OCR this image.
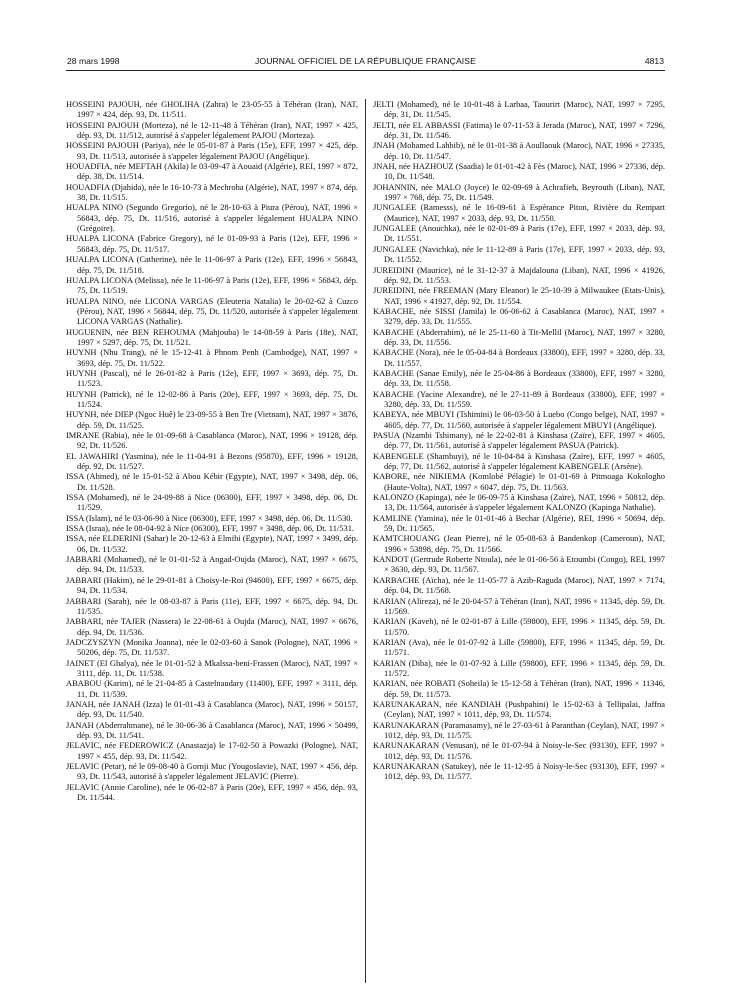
28 mars 1998	JOURNAL OFFICIEL DE LA RÉPUBLIQUE FRANÇAISE	4813
HOSSEINI PAJOUH, née GHOLIHA (Zahra) le 23-05-55 à Téhéran (Iran), NAT, 1997 × 424, dép. 93, Dt. 11/511.
HOSSEINI PAJOUH (Morteza), né le 12-11-48 à Téhéran (Iran), NAT, 1997 × 425, dép. 93, Dt. 11/512, autorisé à s'appeler légalement PAJOU (Morteza).
HOSSEINI PAJOUH (Pariya), née le 05-01-87 à Paris (15e), EFF, 1997 × 425, dép. 93, Dt. 11/513, autorisée à s'appeler légalement PAJOU (Angélique).
HOUADFIA, née MEFTAH (Akila) le 03-09-47 à Aouaid (Algérie), REI, 1997 × 872, dép. 38, Dt. 11/514.
HOUADFIA (Djahida), née le 16-10-73 à Mechroha (Algérie), NAT, 1997 × 874, dép. 38, Dt. 11/515.
HUALPA NINO (Segundo Gregorio), né le 28-10-63 à Piura (Pérou), NAT, 1996 × 56843, dép. 75, Dt. 11/516, autorisé à s'appeler légalement HUALPA NINO (Grégoire).
HUALPA LICONA (Fabrice Gregory), né le 01-09-93 à Paris (12e), EFF, 1996 × 56843, dép. 75, Dt. 11/517.
HUALPA LICONA (Catherine), née le 11-06-97 à Paris (12e), EFF, 1996 × 56843, dép. 75, Dt. 11/518.
HUALPA LICONA (Melissa), née le 11-06-97 à Paris (12e), EFF, 1996 × 56843, dép. 75, Dt. 11/519.
HUALPA NINO, née LICONA VARGAS (Eleuteria Natalia) le 20-02-62 à Cuzco (Pérou), NAT, 1996 × 56844, dép. 75, Dt. 11/520, autorisée à s'appeler légalement LICONA VARGAS (Nathalie).
HUGUENIN, née BEN REHOUMA (Mahjouba) le 14-08-59 à Paris (18e), NAT, 1997 × 5297, dép. 75, Dt. 11/521.
HUYNH (Nhu Trang), né le 15-12-41 à Phnom Penh (Cambodge), NAT, 1997 × 3693, dép. 75, Dt. 11/522.
HUYNH (Pascal), né le 26-01-82 à Paris (12e), EFF, 1997 × 3693, dép. 75, Dt. 11/523.
HUYNH (Patrick), né le 12-02-86 à Paris (20e), EFF, 1997 × 3693, dép. 75, Dt. 11/524.
HUYNH, née DIEP (Ngoc Huê) le 23-09-55 à Ben Tre (Vietnam), NAT, 1997 × 3876, dép. 59, Dt. 11/525.
IMRANE (Rabia), née le 01-09-68 à Casablanca (Maroc), NAT, 1996 × 19128, dép. 92, Dt. 11/526.
EL JAWAHIRI (Yasmina), née le 11-04-91 à Bezons (95870), EFF, 1996 × 19128, dép. 92, Dt. 11/527.
ISSA (Ahmed), né le 15-01-52 à Abou Kébir (Egypte), NAT, 1997 × 3498, dép. 06, Dt. 11/528.
ISSA (Mohamed), né le 24-09-88 à Nice (06300), EFF, 1997 × 3498, dép. 06, Dt. 11/529.
ISSA (Islam), né le 03-06-90 à Nice (06300), EFF, 1997 × 3498, dép. 06, Dt. 11/530.
ISSA (Israa), née le 08-04-92 à Nice (06300), EFF, 1997 × 3498, dép. 06, Dt. 11/531.
ISSA, née ELDERINI (Sahar) le 20-12-63 à Elmihi (Egypte), NAT, 1997 × 3499, dép. 06, Dt. 11/532.
JABBARI (Mohamed), né le 01-01-52 à Angad-Oujda (Maroc), NAT, 1997 × 6675, dép. 94, Dt. 11/533.
JABBARI (Hakim), né le 29-01-81 à Choisy-le-Roi (94600), EFF, 1997 × 6675, dép. 94, Dt. 11/534.
JABBARI (Sarah), née le 08-03-87 à Paris (11e), EFF, 1997 × 6675, dép. 94, Dt. 11/535.
JABBARI, née TAJER (Nassera) le 22-08-61 à Oujda (Maroc), NAT, 1997 × 6676, dép. 94, Dt. 11/536.
JADCZYSZYN (Monika Joanna), née le 02-03-60 à Sanok (Pologne), NAT, 1996 × 50206, dép. 75, Dt. 11/537.
JAINET (El Ghalya), née le 01-01-52 à Mkalssa-beni-Frassen (Maroc), NAT, 1997 × 3111, dép. 11, Dt. 11/538.
ABABOU (Karim), né le 21-04-85 à Castelnaudary (11400), EFF, 1997 × 3111, dép. 11, Dt. 11/539.
JANAH, née JANAH (Izza) le 01-01-43 à Casablanca (Maroc), NAT, 1996 × 50157, dép. 93, Dt. 11/540.
JANAH (Abderrahmane), né le 30-06-36 à Casablanca (Maroc), NAT, 1996 × 50499, dép. 93, Dt. 11/541.
JELAVIC, née FEDEROWICZ (Anastazja) le 17-02-50 à Powazki (Pologne), NAT, 1997 × 455, dép. 93, Dt. 11/542.
JELAVIC (Petar), né le 09-08-40 à Gornji Muc (Yougoslavie), NAT, 1997 × 456, dép. 93, Dt. 11/543, autorisé à s'appeler légalement JELAVIC (Pierre).
JELAVIC (Annie Caroline), née le 06-02-87 à Paris (20e), EFF, 1997 × 456, dép. 93, Dt. 11/544.
JELTI (Mohamed), né le 10-01-48 à Larbaa, Taourirt (Maroc), NAT, 1997 × 7295, dép. 31, Dt. 11/545.
JELTI, née EL ABBASSI (Fatima) le 07-11-53 à Jerada (Maroc), NAT, 1997 × 7296, dép. 31, Dt. 11/546.
JNAH (Mohamed Lahbib), né le 01-01-38 à Aoullaouk (Maroc), NAT, 1996 × 27335, dép. 10, Dt. 11/547.
JNAH, née HAZHOUZ (Saadia) le 01-01-42 à Fès (Maroc), NAT, 1996 × 27336, dép. 10, Dt. 11/548.
JOHANNIN, née MALO (Joyce) le 02-09-69 à Achrafieh, Beyrouth (Liban), NAT, 1997 × 768, dép. 75, Dt. 11/549.
JUNGALEE (Ramesss), né le 16-09-61 à Espérance Piton, Rivière du Rempart (Maurice), NAT, 1997 × 2033, dép. 93, Dt. 11/550.
JUNGALEE (Anouchka), née le 02-01-89 à Paris (17e), EFF, 1997 × 2033, dép. 93, Dt. 11/551.
JUNGALEE (Navichka), née le 11-12-89 à Paris (17e), EFF, 1997 × 2033, dép. 93, Dt. 11/552.
JUREIDINI (Maurice), né le 31-12-37 à Majdalouna (Liban), NAT, 1996 × 41926, dép. 92, Dt. 11/553.
JUREIDINI, née FREEMAN (Mary Eleanor) le 25-10-39 à Milwaukee (Etats-Unis), NAT, 1996 × 41927, dép. 92, Dt. 11/554.
KABACHE, née SISSI (Jamila) le 06-06-62 à Casablanca (Maroc), NAT, 1997 × 3279, dép. 33, Dt. 11/555.
KABACHE (Abderrahim), né le 25-11-60 à Tit-Mellil (Maroc), NAT, 1997 × 3280, dép. 33, Dt. 11/556.
KABACHE (Nora), née le 05-04-84 à Bordeaux (33800), EFF, 1997 × 3280, dép. 33, Dt. 11/557.
KABACHE (Sanae Emily), née le 25-04-86 à Bordeaux (33800), EFF, 1997 × 3280, dép. 33, Dt. 11/558.
KABACHE (Yacine Alexandre), né le 27-11-89 à Bordeaux (33800), EFF, 1997 × 3280, dép. 33, Dt. 11/559.
KABEYA, née MBUYI (Tshimini) le 06-03-50 à Luebo (Congo belge), NAT, 1997 × 4605, dép. 77, Dt. 11/560, autorisée à s'appeler légalement MBUYI (Angélique).
PASUA (Nzambi Tshimany), né le 22-02-81 à Kinshasa (Zaïre), EFF, 1997 × 4605, dép. 77, Dt. 11/561, autorisé à s'appeler légalement PASUA (Patrick).
KABENGELE (Shambuyi), né le 10-04-84 à Kinshasa (Zaïre), EFF, 1997 × 4605, dép. 77, Dt. 11/562, autorisé à s'appeler légalement KABENGELE (Arsène).
KABORE, née NIKIEMA (Komlobé Pélagie) le 01-01-69 à Pitmoaga Kokologho (Haute-Volta), NAT, 1997 × 6047, dép. 75, Dt. 11/563.
KALONZO (Kapinga), née le 06-09-75 à Kinshasa (Zaïre), NAT, 1996 × 50812, dép. 13, Dt. 11/564, autorisée à s'appeler légalement KALONZO (Kapinga Nathalie).
KAMLINE (Yamina), née le 01-01-46 à Bechar (Algérie), REI, 1996 × 50694, dép. 59, Dt. 11/565.
KAMTCHOUANG (Jean Pierre), né le 05-08-63 à Bandenkop (Cameroun), NAT, 1996 × 53898, dép. 75, Dt. 11/566.
KANDOT (Gertrude Roberte Ntoula), née le 01-06-56 à Etoumbi (Congo), REI, 1997 × 3630, dép. 93, Dt. 11/567.
KARBACHE (Aïcha), née le 11-05-77 à Azib-Raguda (Maroc), NAT, 1997 × 7174, dép. 04, Dt. 11/568.
KARIAN (Alireza), né le 20-04-57 à Téhéran (Iran), NAT, 1996 × 11345, dép. 59, Dt. 11/569.
KARIAN (Kaveh), né le 02-01-87 à Lille (59800), EFF, 1996 × 11345, dép. 59, Dt. 11/570.
KARIAN (Ava), née le 01-07-92 à Lille (59800), EFF, 1996 × 11345, dép. 59, Dt. 11/571.
KARIAN (Diba), née le 01-07-92 à Lille (59800), EFF, 1996 × 11345, dép. 59, Dt. 11/572.
KARIAN, née ROBATI (Soheila) le 15-12-58 à Téhéran (Iran), NAT, 1996 × 11346, dép. 59, Dt. 11/573.
KARUNAKARAN, née KANDIAH (Pushpahini) le 15-02-63 à Tellipalai, Jaffna (Ceylan), NAT, 1997 × 1011, dép. 93, Dt. 11/574.
KARUNAKARAN (Paramasamy), né le 27-03-61 à Paranthan (Ceylan), NAT, 1997 × 1012, dép. 93, Dt. 11/575.
KARUNAKARAN (Venusan), né le 01-07-94 à Noisy-le-Sec (93130), EFF, 1997 × 1012, dép. 93, Dt. 11/576.
KARUNAKARAN (Satukey), née le 11-12-95 à Noisy-le-Sec (93130), EFF, 1997 × 1012, dép. 93, Dt. 11/577.
